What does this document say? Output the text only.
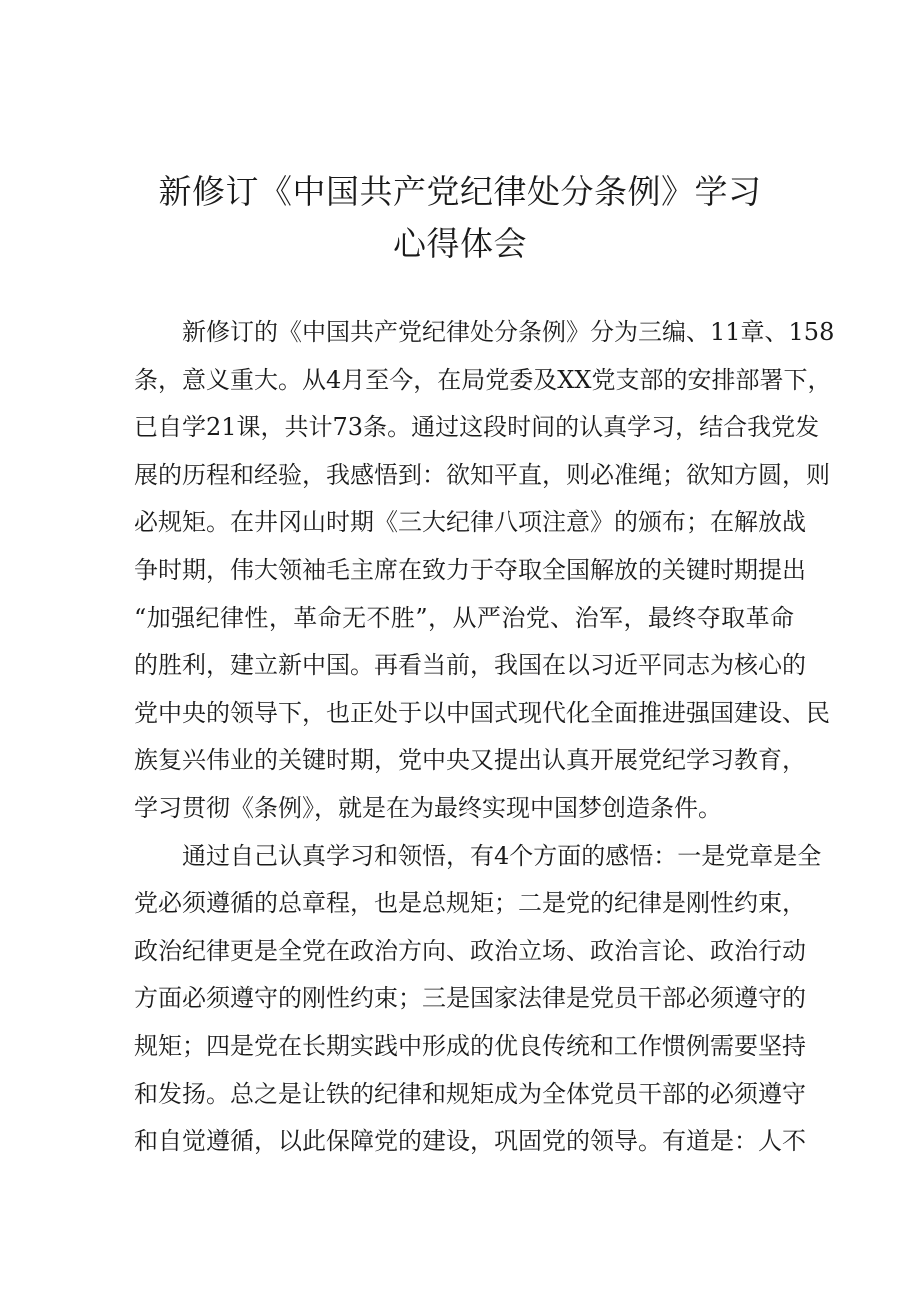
新修订《中国共产党纪律处分条例》学习
心得体会

新修订的《中国共产党纪律处分条例》分为三编、11章、158
条，意义重大。从4月至今，在局党委及XX党支部的安排部署下，
已自学21课，共计73条。通过这段时间的认真学习，结合我党发
展的历程和经验，我感悟到：欲知平直，则必准绳；欲知方圆，则
必规矩。在井冈山时期《三大纪律八项注意》的颁布；在解放战
争时期，伟大领袖毛主席在致力于夺取全国解放的关键时期提出
“加强纪律性，革命无不胜”，从严治党、治军，最终夺取革命
的胜利，建立新中国。再看当前，我国在以习近平同志为核心的
党中央的领导下，也正处于以中国式现代化全面推进强国建设、民
族复兴伟业的关键时期，党中央又提出认真开展党纪学习教育，
学习贯彻《条例》，就是在为最终实现中国梦创造条件。

通过自己认真学习和领悟，有4个方面的感悟：一是党章是全
党必须遵循的总章程，也是总规矩；二是党的纪律是刚性约束，
政治纪律更是全党在政治方向、政治立场、政治言论、政治行动
方面必须遵守的刚性约束；三是国家法律是党员干部必须遵守的
规矩；四是党在长期实践中形成的优良传统和工作惯例需要坚持
和发扬。总之是让铁的纪律和规矩成为全体党员干部的必须遵守
和自觉遵循，以此保障党的建设，巩固党的领导。有道是：人不
